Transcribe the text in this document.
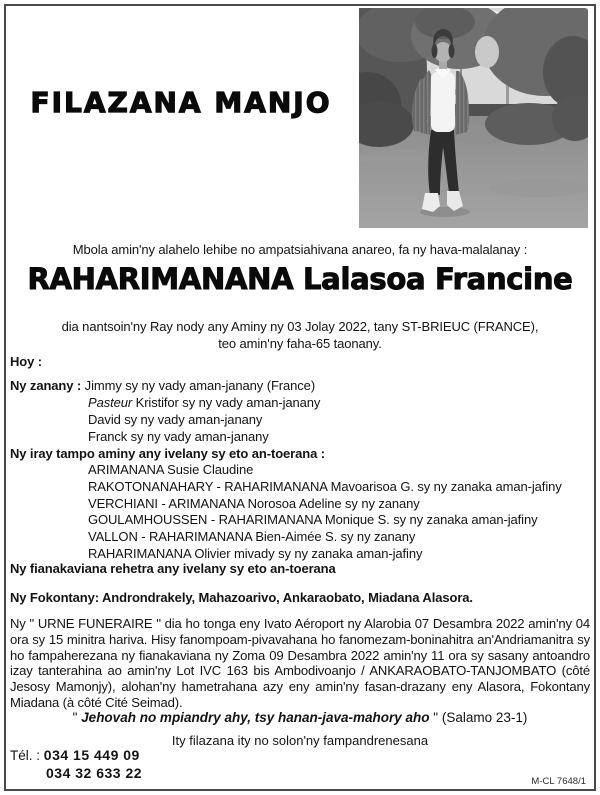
FILAZANA MANJO
Mbola amin'ny alahelo lehibe no ampatsiahivana anareo, fa ny hava-malalanay :
RAHARIMANANA Lalasoa Francine
dia nantsoin'ny Ray nody any Aminy ny 03 Jolay 2022, tany ST-BRIEUC (FRANCE),
teo amin'ny faha-65 taonany.
Hoy :
Ny zanany : Jimmy sy ny vady aman-janany (France)
Pasteur Kristifor sy ny vady aman-janany
David sy ny vady aman-janany
Franck sy ny vady aman-janany
Ny iray tampo aminy any ivelany sy eto an-toerana :
ARIMANANA Susie Claudine
RAKOTONANAHARY - RAHARIMANANA Mavoarisoa G. sy ny zanaka aman-jafiny
VERCHIANI - ARIMANANA Norosoa Adeline sy ny zanany
GOULAMHOUSSEN - RAHARIMANANA Monique S. sy ny zanaka aman-jafiny
VALLON - RAHARIMANANA Bien-Aimée S. sy ny zanany
RAHARIMANANA Olivier mivady sy ny zanaka aman-jafiny
Ny fianakaviana rehetra any ivelany sy eto an-toerana
Ny Fokontany: Androndrakely, Mahazoarivo, Ankaraobato, Miadana Alasora.
Ny " URNE FUNERAIRE " dia ho tonga eny Ivato Aéroport ny Alarobia 07 Desambra 2022 amin'ny 04 ora sy 15 minitra hariva. Hisy fanompoam-pivavahana ho fanomezam-boninahitra an'Andriamanitra sy ho fampaherezana ny fianakaviana ny Zoma 09 Desambra 2022 amin'ny 11 ora sy sasany antoandro izay tanterahina ao amin'ny Lot IVC 163 bis Ambodivoanjo / ANKARAOBATO-TANJOMBATO (côté Jesosy Mamonjy), alohan'ny hametrahana azy eny amin'ny fasan-drazany eny Alasora, Fokontany Miadana (à côté Cité Seimad).
" Jehovah no mpiandry ahy, tsy hanan-java-mahory aho " (Salamo 23-1)
Ity filazana ity no solon'ny fampandrenesana
Tél. : 034 15 449 09
034 32 633 22
M-CL 7648/1
